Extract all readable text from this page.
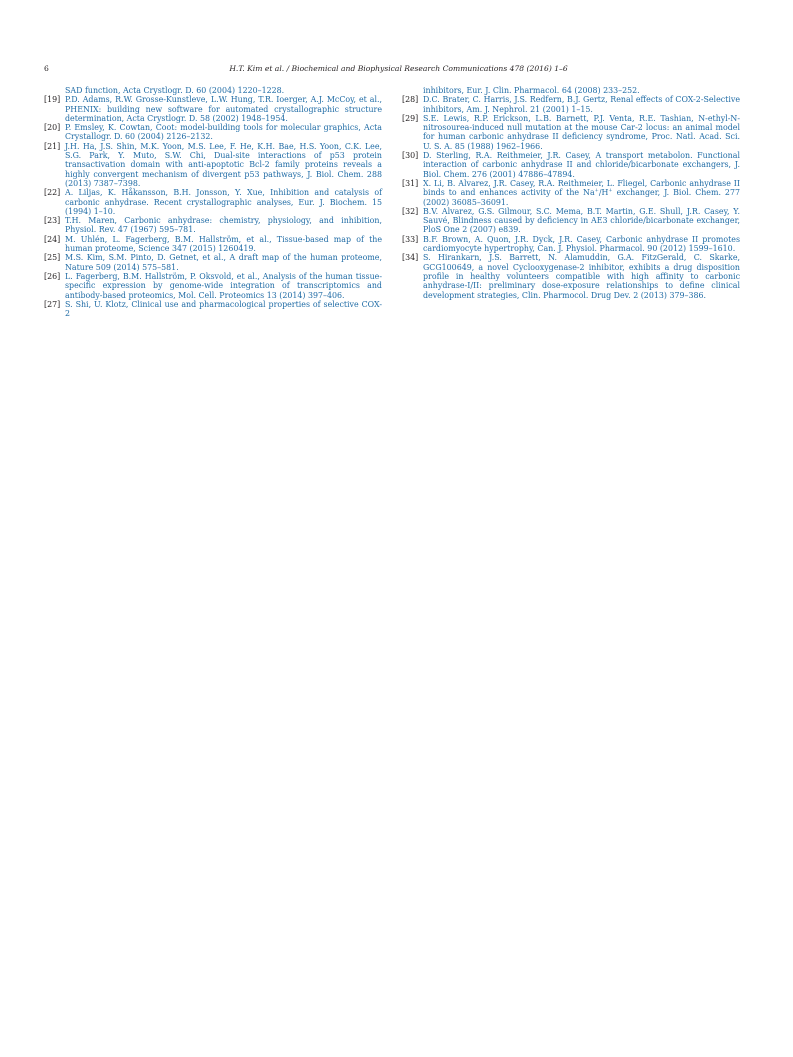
6	H.T. Kim et al. / Biochemical and Biophysical Research Communications 478 (2016) 1–6
SAD function, Acta Crystlogr. D. 60 (2004) 1220–1228.
[19] P.D. Adams, R.W. Grosse-Kunstleve, L.W. Hung, T.R. Ioerger, A.J. McCoy, et al., PHENIX: building new software for automated crystallographic structure determination, Acta Crystlogr. D. 58 (2002) 1948–1954.
[20] P. Emsley, K. Cowtan, Coot: model-building tools for molecular graphics, Acta Crystallogr. D. 60 (2004) 2126–2132.
[21] J.H. Ha, J.S. Shin, M.K. Yoon, M.S. Lee, F. He, K.H. Bae, H.S. Yoon, C.K. Lee, S.G. Park, Y. Muto, S.W. Chi, Dual-site interactions of p53 protein transactivation domain with anti-apoptotic Bcl-2 family proteins reveals a highly convergent mechanism of divergent p53 pathways, J. Biol. Chem. 288 (2013) 7387–7398.
[22] A. Liljas, K. Håkansson, B.H. Jonsson, Y. Xue, Inhibition and catalysis of carbonic anhydrase. Recent crystallographic analyses, Eur. J. Biochem. 15 (1994) 1–10.
[23] T.H. Maren, Carbonic anhydrase: chemistry, physiology, and inhibition, Physiol. Rev. 47 (1967) 595–781.
[24] M. Uhlén, L. Fagerberg, B.M. Hallström, et al., Tissue-based map of the human proteome, Science 347 (2015) 1260419.
[25] M.S. Kim, S.M. Pinto, D. Getnet, et al., A draft map of the human proteome, Nature 509 (2014) 575–581.
[26] L. Fagerberg, B.M. Hallström, P. Oksvold, et al., Analysis of the human tissue-specific expression by genome-wide integration of transcriptomics and antibody-based proteomics, Mol. Cell. Proteomics 13 (2014) 397–406.
[27] S. Shi, U. Klotz, Clinical use and pharmacological properties of selective COX-2
inhibitors, Eur. J. Clin. Pharmacol. 64 (2008) 233–252.
[28] D.C. Brater, C. Harris, J.S. Redfern, B.J. Gertz, Renal effects of COX-2-Selective inhibitors, Am. J. Nephrol. 21 (2001) 1–15.
[29] S.E. Lewis, R.P. Erickson, L.B. Barnett, P.J. Venta, R.E. Tashian, N-ethyl-N-nitrosourea-induced null mutation at the mouse Car-2 locus: an animal model for human carbonic anhydrase II deficiency syndrome, Proc. Natl. Acad. Sci. U. S. A. 85 (1988) 1962–1966.
[30] D. Sterling, R.A. Reithmeier, J.R. Casey, A transport metabolon. Functional interaction of carbonic anhydrase II and chloride/bicarbonate exchangers, J. Biol. Chem. 276 (2001) 47886–47894.
[31] X. Li, B. Alvarez, J.R. Casey, R.A. Reithmeier, L. Fliegel, Carbonic anhydrase II binds to and enhances activity of the Na+/H+ exchanger, J. Biol. Chem. 277 (2002) 36085–36091.
[32] B.V. Alvarez, G.S. Gilmour, S.C. Mema, B.T. Martin, G.E. Shull, J.R. Casey, Y. Sauvé, Blindness caused by deficiency in AE3 chloride/bicarbonate exchanger, PloS One 2 (2007) e839.
[33] B.F. Brown, A. Quon, J.R. Dyck, J.R. Casey, Carbonic anhydrase II promotes cardiomyocyte hypertrophy, Can. J. Physiol. Pharmacol. 90 (2012) 1599–1610.
[34] S. Hirankarn, J.S. Barrett, N. Alamuddin, G.A. FitzGerald, C. Skarke, GCG100649, a novel Cyclooxygenase-2 inhibitor, exhibits a drug disposition profile in healthy volunteers compatible with high affinity to carbonic anhydrase-I/II: preliminary dose-exposure relationships to define clinical development strategies, Clin. Pharmocol. Drug Dev. 2 (2013) 379–386.
